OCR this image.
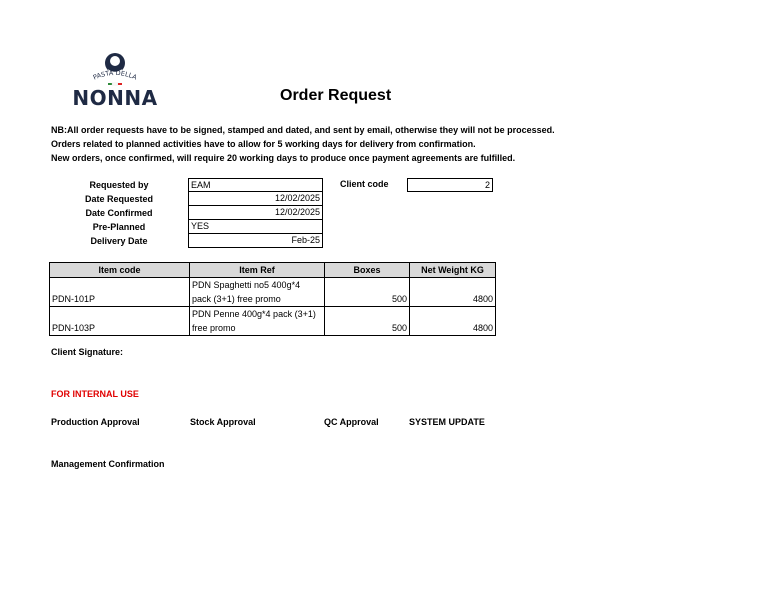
PASTA DELLA
NONNA	Order Request
NB:All order requests have to be signed, stamped and dated, and sent by email, otherwise they will not be processed.
Orders related to planned activities have to allow for 5 working days for delivery from confirmation.
New orders, once confirmed, will require 20 working days to produce once payment agreements are fulfilled.
Requested by	EAM
Date Requested	12/02/2025
Date Confirmed	12/02/2025
Pre-Planned	YES
Delivery Date	Feb-25
Client code	2
Item code	Item Ref	Boxes	Net Weight KG
PDN-101P	PDN Spaghetti no5 400g*4
pack (3+1) free promo	500	4800
PDN-103P	PDN Penne 400g*4 pack (3+1)
free promo	500	4800
Client Signature:
FOR INTERNAL USE
Production Approval	Stock Approval	QC Approval	SYSTEM UPDATE
Management Confirmation
